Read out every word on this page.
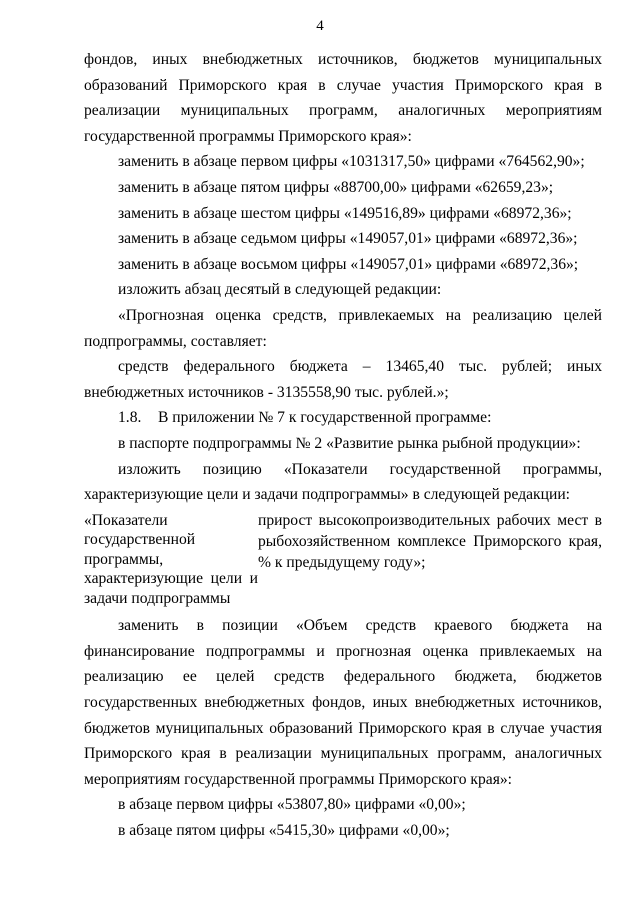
4

фондов, иных внебюджетных источников, бюджетов муниципальных образований Приморского края в случае участия Приморского края в реализации муниципальных программ, аналогичных мероприятиям государственной программы Приморского края»:

заменить в абзаце первом цифры «1031317,50» цифрами «764562,90»;

заменить в абзаце пятом цифры «88700,00» цифрами «62659,23»;

заменить в абзаце шестом цифры «149516,89» цифрами «68972,36»;

заменить в абзаце седьмом цифры «149057,01» цифрами «68972,36»;

заменить в абзаце восьмом цифры «149057,01» цифрами «68972,36»;

изложить абзац десятый в следующей редакции:

«Прогнозная оценка средств, привлекаемых на реализацию целей подпрограммы, составляет:

средств федерального бюджета – 13465,40 тыс. рублей; иных внебюджетных источников - 3135558,90 тыс. рублей.»;

1.8. В приложении № 7 к государственной программе:

в паспорте подпрограммы № 2 «Развитие рынка рыбной продукции»:

изложить позицию «Показатели государственной программы, характеризующие цели и задачи подпрограммы» в следующей редакции:

«Показатели
государственной
программы,
характеризующие цели и
задачи подпрограммы
прирост высокопроизводительных рабочих мест в рыбохозяйственном комплексе Приморского края, % к предыдущему году»;

заменить в позиции «Объем средств краевого бюджета на финансирование подпрограммы и прогнозная оценка привлекаемых на реализацию ее целей средств федерального бюджета, бюджетов государственных внебюджетных фондов, иных внебюджетных источников, бюджетов муниципальных образований Приморского края в случае участия Приморского края в реализации муниципальных программ, аналогичных мероприятиям государственной программы Приморского края»:

в абзаце первом цифры «53807,80» цифрами «0,00»;

в абзаце пятом цифры «5415,30» цифрами «0,00»;
